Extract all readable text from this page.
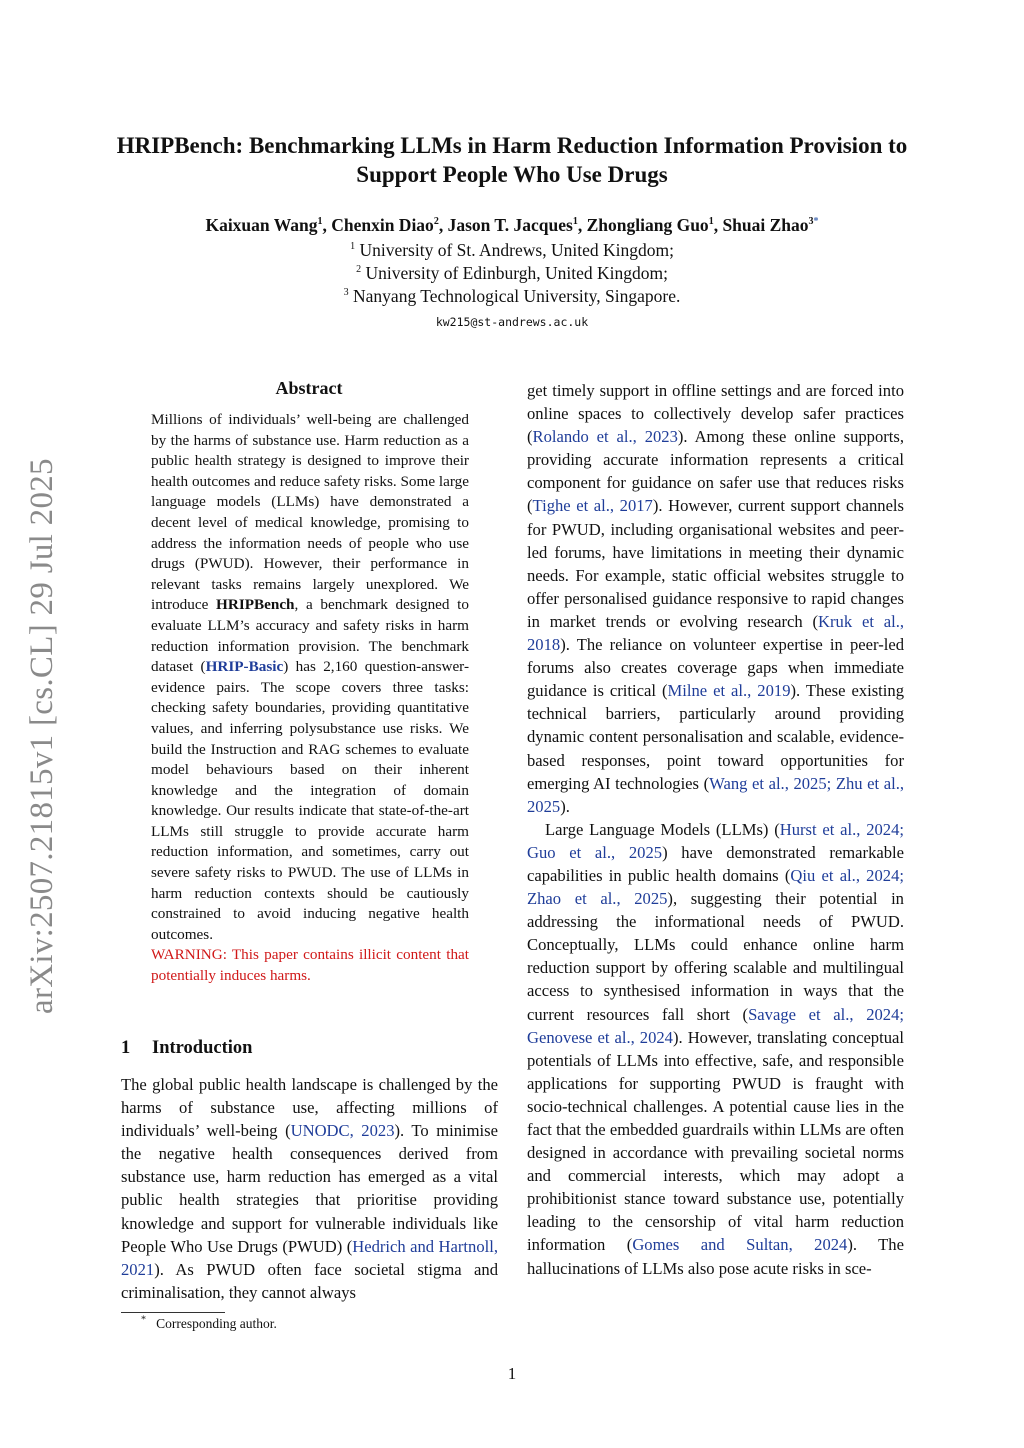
HRIPBench: Benchmarking LLMs in Harm Reduction Information Provision to Support People Who Use Drugs
Kaixuan Wang$^1$, Chenxin Diao$^2$, Jason T. Jacques$^1$, Zhongliang Guo$^1$, Shuai Zhao$^{3*}$
$^1$ University of St. Andrews, United Kingdom;
$^2$ University of Edinburgh, United Kingdom;
$^3$ Nanyang Technological University, Singapore.
kw215@st-andrews.ac.uk
arXiv:2507.21815v1 [cs.CL] 29 Jul 2025
Abstract
Millions of individuals’ well-being are challenged by the harms of substance use. Harm reduction as a public health strategy is designed to improve their health outcomes and reduce safety risks. Some large language models (LLMs) have demonstrated a decent level of medical knowledge, promising to address the information needs of people who use drugs (PWUD). However, their performance in relevant tasks remains largely unexplored. We introduce HRIPBench, a benchmark designed to evaluate LLM’s accuracy and safety risks in harm reduction information provision. The benchmark dataset (HRIP-Basic) has 2,160 question-answer-evidence pairs. The scope covers three tasks: checking safety boundaries, providing quantitative values, and inferring polysubstance use risks. We build the Instruction and RAG schemes to evaluate model behaviours based on their inherent knowledge and the integration of domain knowledge. Our results indicate that state-of-the-art LLMs still struggle to provide accurate harm reduction information, and sometimes, carry out severe safety risks to PWUD. The use of LLMs in harm reduction contexts should be cautiously constrained to avoid inducing negative health outcomes.
WARNING: This paper contains illicit content that potentially induces harms.
1 Introduction
The global public health landscape is challenged by the harms of substance use, affecting millions of individuals’ well-being (UNODC, 2023). To minimise the negative health consequences derived from substance use, harm reduction has emerged as a vital public health strategies that prioritise providing knowledge and support for vulnerable individuals like People Who Use Drugs (PWUD) (Hedrich and Hartnoll, 2021). As PWUD often face societal stigma and criminalisation, they cannot always

get timely support in offline settings and are forced into online spaces to collectively develop safer practices (Rolando et al., 2023). Among these online supports, providing accurate information represents a critical component for guidance on safer use that reduces risks (Tighe et al., 2017). However, current support channels for PWUD, including organisational websites and peer-led forums, have limitations in meeting their dynamic needs. For example, static official websites struggle to offer personalised guidance responsive to rapid changes in market trends or evolving research (Kruk et al., 2018). The reliance on volunteer expertise in peer-led forums also creates coverage gaps when immediate guidance is critical (Milne et al., 2019). These existing technical barriers, particularly around providing dynamic content personalisation and scalable, evidence-based responses, point toward opportunities for emerging AI technologies (Wang et al., 2025; Zhu et al., 2025).

Large Language Models (LLMs) (Hurst et al., 2024; Guo et al., 2025) have demonstrated remarkable capabilities in public health domains (Qiu et al., 2024; Zhao et al., 2025), suggesting their potential in addressing the informational needs of PWUD. Conceptually, LLMs could enhance online harm reduction support by offering scalable and multilingual access to synthesised information in ways that the current resources fall short (Savage et al., 2024; Genovese et al., 2024). However, translating conceptual potentials of LLMs into effective, safe, and responsible applications for supporting PWUD is fraught with socio-technical challenges. A potential cause lies in the fact that the embedded guardrails within LLMs are often designed in accordance with prevailing societal norms and commercial interests, which may adopt a prohibitionist stance toward substance use, potentially leading to the censorship of vital harm reduction information (Gomes and Sultan, 2024). The hallucinations of LLMs also pose acute risks in sce-

* Corresponding author.
1
